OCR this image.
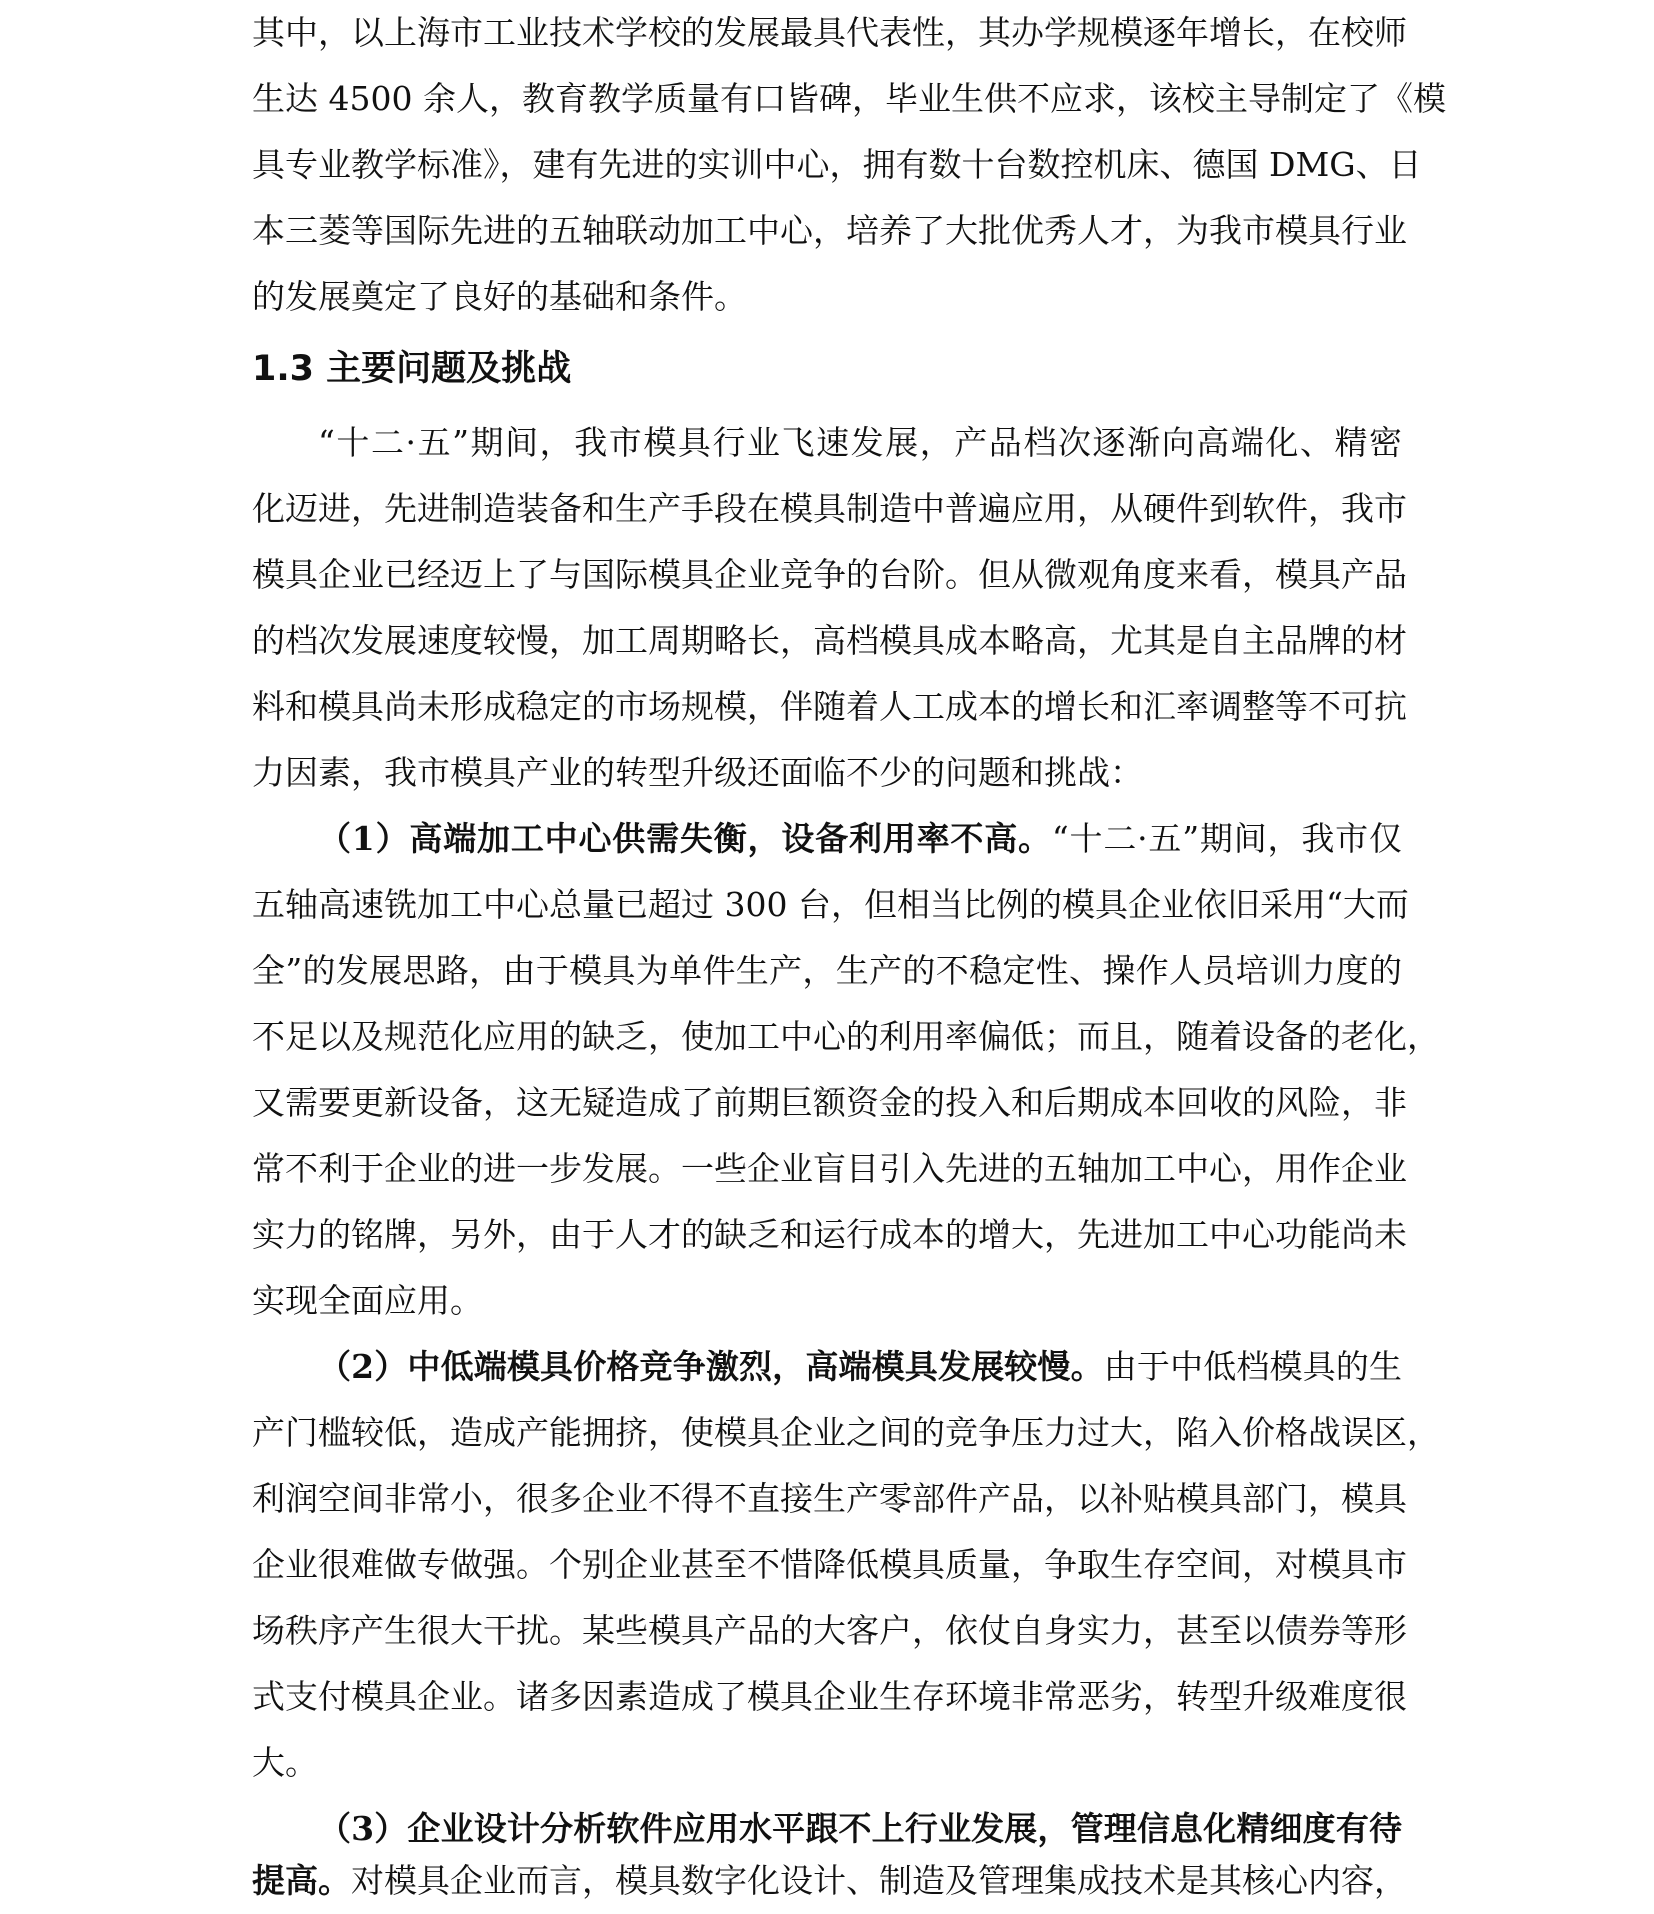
其中，以上海市工业技术学校的发展最具代表性，其办学规模逐年增长，在校师
生达 4500 余人，教育教学质量有口皆碑，毕业生供不应求，该校主导制定了《模
具专业教学标准》，建有先进的实训中心，拥有数十台数控机床、德国 DMG、日
本三菱等国际先进的五轴联动加工中心，培养了大批优秀人才，为我市模具行业
的发展奠定了良好的基础和条件。
1.3 主要问题及挑战
“十二·五”期间，我市模具行业飞速发展，产品档次逐渐向高端化、精密
化迈进，先进制造装备和生产手段在模具制造中普遍应用，从硬件到软件，我市
模具企业已经迈上了与国际模具企业竞争的台阶。但从微观角度来看，模具产品
的档次发展速度较慢，加工周期略长，高档模具成本略高，尤其是自主品牌的材
料和模具尚未形成稳定的市场规模，伴随着人工成本的增长和汇率调整等不可抗
力因素，我市模具产业的转型升级还面临不少的问题和挑战：
（1）高端加工中心供需失衡，设备利用率不高。“十二·五”期间，我市仅
五轴高速铣加工中心总量已超过 300 台，但相当比例的模具企业依旧采用“大而
全”的发展思路，由于模具为单件生产，生产的不稳定性、操作人员培训力度的
不足以及规范化应用的缺乏，使加工中心的利用率偏低；而且，随着设备的老化，
又需要更新设备，这无疑造成了前期巨额资金的投入和后期成本回收的风险，非
常不利于企业的进一步发展。一些企业盲目引入先进的五轴加工中心，用作企业
实力的铭牌，另外，由于人才的缺乏和运行成本的增大，先进加工中心功能尚未
实现全面应用。
（2）中低端模具价格竞争激烈，高端模具发展较慢。由于中低档模具的生
产门槛较低，造成产能拥挤，使模具企业之间的竞争压力过大，陷入价格战误区，
利润空间非常小，很多企业不得不直接生产零部件产品，以补贴模具部门，模具
企业很难做专做强。个别企业甚至不惜降低模具质量，争取生存空间，对模具市
场秩序产生很大干扰。某些模具产品的大客户，依仗自身实力，甚至以债券等形
式支付模具企业。诸多因素造成了模具企业生存环境非常恶劣，转型升级难度很
大。
（3）企业设计分析软件应用水平跟不上行业发展，管理信息化精细度有待
提高。对模具企业而言，模具数字化设计、制造及管理集成技术是其核心内容，
